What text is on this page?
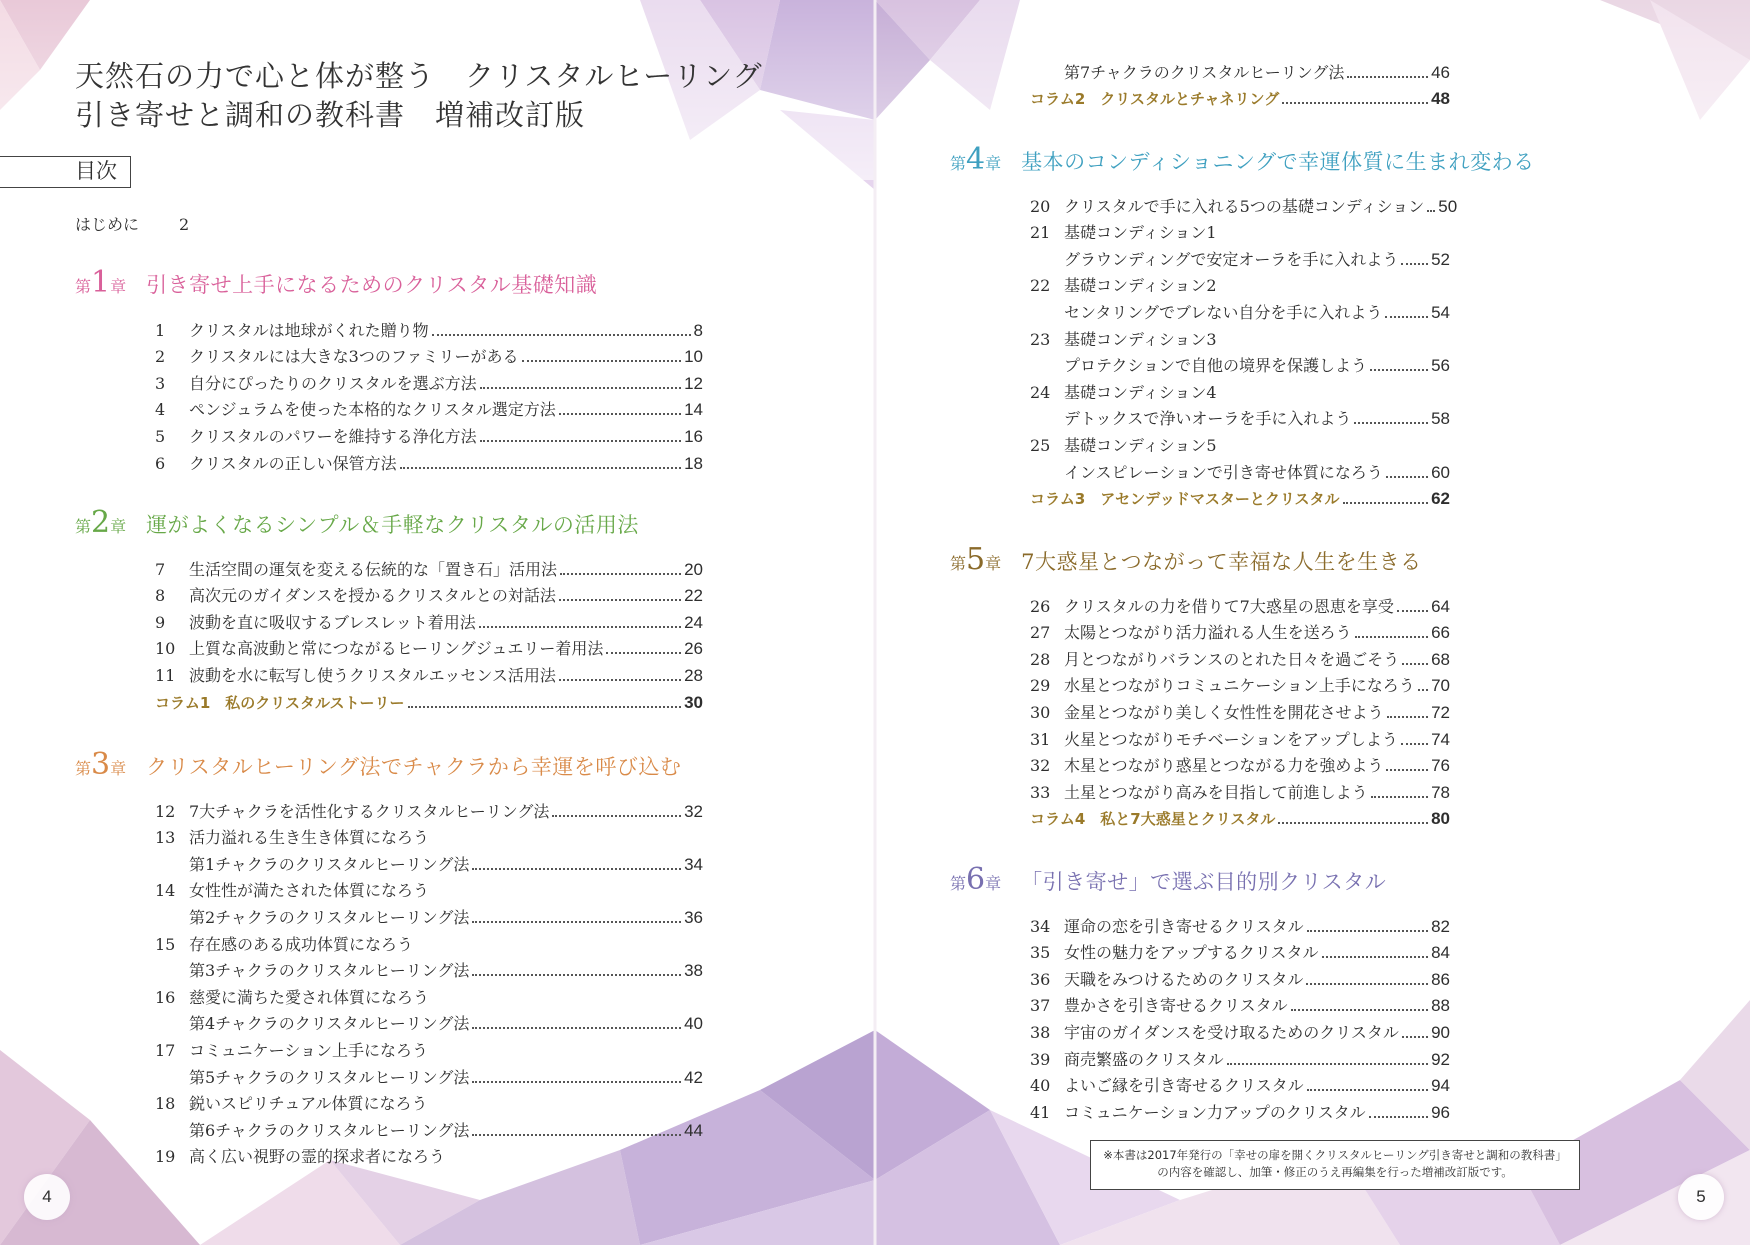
天然石の力で心と体が整う　クリスタルヒーリング
引き寄せと調和の教科書　増補改訂版
目次
はじめに	2
第1章 引き寄せ上手になるためのクリスタル基礎知識
1	クリスタルは地球がくれた贈り物	8
2	クリスタルには大きな3つのファミリーがある	10
3	自分にぴったりのクリスタルを選ぶ方法	12
4	ペンジュラムを使った本格的なクリスタル選定方法	14
5	クリスタルのパワーを維持する浄化方法	16
6	クリスタルの正しい保管方法	18
第2章 運がよくなるシンプル＆手軽なクリスタルの活用法
7	生活空間の運気を変える伝統的な「置き石」活用法	20
8	高次元のガイダンスを授かるクリスタルとの対話法	22
9	波動を直に吸収するブレスレット着用法	24
10 上質な高波動と常につながるヒーリングジュエリー着用法	26
11 波動を水に転写し使うクリスタルエッセンス活用法	28
コラム1　私のクリスタルストーリー	30
第3章 クリスタルヒーリング法でチャクラから幸運を呼び込む
12 7大チャクラを活性化するクリスタルヒーリング法	32
13 活力溢れる生き生き体質になろう
第1チャクラのクリスタルヒーリング法	34
14 女性性が満たされた体質になろう
第2チャクラのクリスタルヒーリング法	36
15 存在感のある成功体質になろう
第3チャクラのクリスタルヒーリング法	38
16 慈愛に満ちた愛され体質になろう
第4チャクラのクリスタルヒーリング法	40
17 コミュニケーション上手になろう
第5チャクラのクリスタルヒーリング法	42
18 鋭いスピリチュアル体質になろう
第6チャクラのクリスタルヒーリング法	44
19 高く広い視野の霊的探求者になろう
4
第7チャクラのクリスタルヒーリング法	46
コラム2　クリスタルとチャネリング	48
第4章 基本のコンディショニングで幸運体質に生まれ変わる
20 クリスタルで手に入れる5つの基礎コンディション 50
21 基礎コンディション1
グラウンディングで安定オーラを手に入れよう 52
22 基礎コンディション2
センタリングでブレない自分を手に入れよう	54
23 基礎コンディション3
プロテクションで自他の境界を保護しよう	56
24 基礎コンディション4
デトックスで浄いオーラを手に入れよう	58
25 基礎コンディション5
インスピレーションで引き寄せ体質になろう	60
コラム3　アセンデッドマスターとクリスタル	62
第5章 7大惑星とつながって幸福な人生を生きる
26 クリスタルの力を借りて7大惑星の恩恵を享受 64
27 太陽とつながり活力溢れる人生を送ろう	66
28 月とつながりバランスのとれた日々を過ごそう 68
29 水星とつながりコミュニケーション上手になろう 70
30 金星とつながり美しく女性性を開花させよう	72
31 火星とつながりモチベーションをアップしよう 74
32 木星とつながり惑星とつながる力を強めよう	76
33 土星とつながり高みを目指して前進しよう	78
コラム4　私と7大惑星とクリスタル	80
第6章 「引き寄せ」で選ぶ目的別クリスタル
34 運命の恋を引き寄せるクリスタル	82
35 女性の魅力をアップするクリスタル	84
36 天職をみつけるためのクリスタル	86
37 豊かさを引き寄せるクリスタル	88
38 宇宙のガイダンスを受け取るためのクリスタル 90
39 商売繁盛のクリスタル	92
40 よいご縁を引き寄せるクリスタル	94
41 コミュニケーション力アップのクリスタル	96
※本書は2017年発行の「幸せの扉を開くクリスタルヒーリング引き寄せと調和の教科書」の内容を確認し、加筆・修正のうえ再編集を行った増補改訂版です。
5
